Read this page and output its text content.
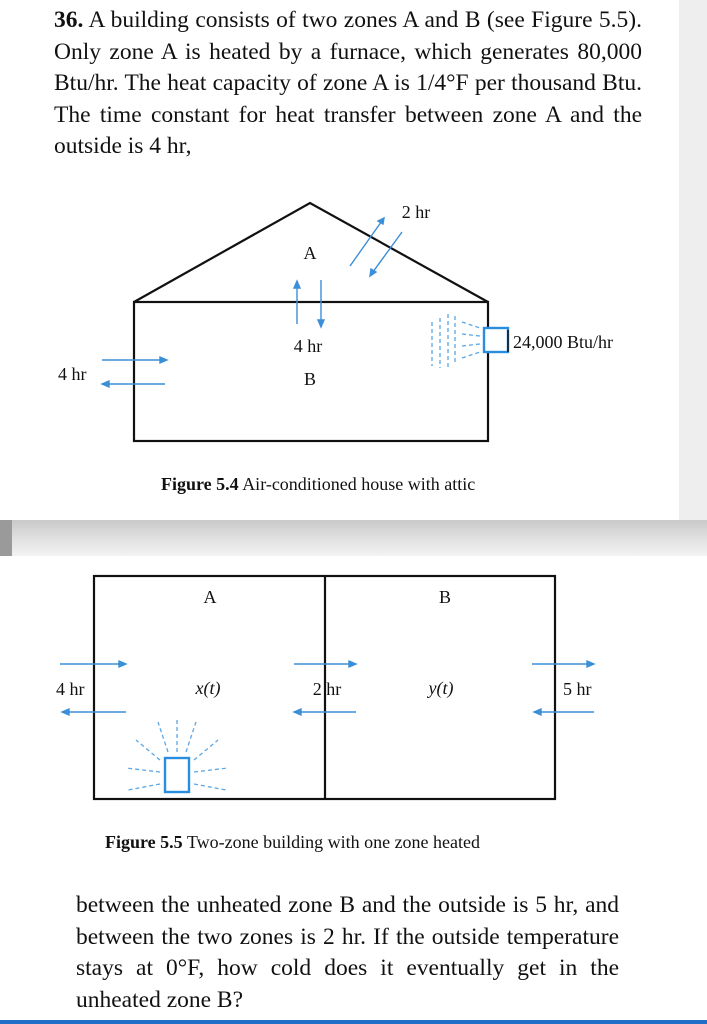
36. A building consists of two zones A and B (see Figure 5.5). Only zone A is heated by a furnace, which generates 80,000 Btu/hr. The heat capacity of zone A is 1/4°F per thousand Btu. The time constant for heat transfer between zone A and the outside is 4 hr,

A
B
2 hr
4 hr
4 hr
24,000 Btu/hr
Figure 5.4 Air-conditioned house with attic
A	B
x(t)	y(t)
4 hr	2 hr	5 hr
Figure 5.5 Two-zone building with one zone heated

between the unheated zone B and the outside is 5 hr, and between the two zones is 2 hr. If the outside temperature stays at 0°F, how cold does it eventually get in the unheated zone B?
